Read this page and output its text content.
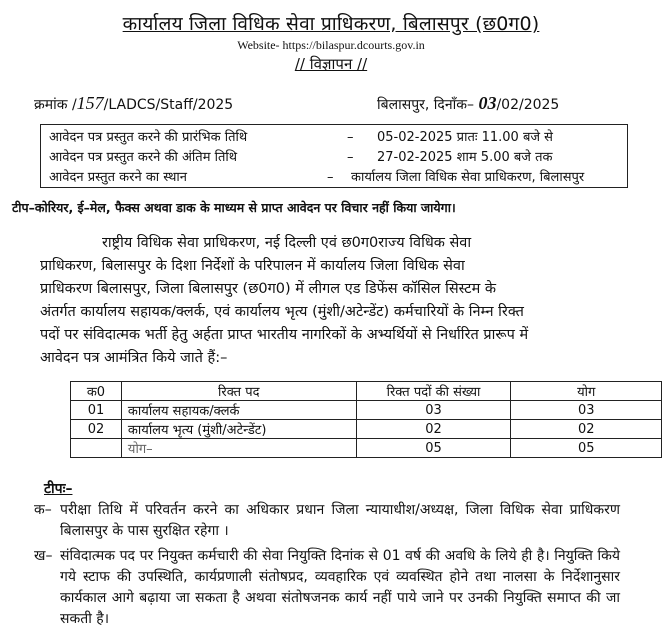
कार्यालय जिला विधिक सेवा प्राधिकरण, बिलासपुर (छ0ग0)
Website- https://bilaspur.dcourts.gov.in
// विज्ञापन //
क्रमांक /157/LADCS/Staff/2025	बिलासपुर, दिनाँक– 03/02/2025
आवेदन पत्र प्रस्तुत करने की प्रारंभिक तिथि	– 05-02-2025 प्रातः 11.00 बजे से
आवेदन पत्र प्रस्तुत करने की अंतिम तिथि	– 27-02-2025 शाम 5.00 बजे तक
आवेदन प्रस्तुत करने का स्थान	– कार्यालय जिला विधिक सेवा प्राधिकरण, बिलासपुर
टीप–कोरियर, ई–मेल, फैक्स अथवा डाक के माध्यम से प्राप्त आवेदन पर विचार नहीं किया जायेगा।

राष्ट्रीय विधिक सेवा प्राधिकरण, नई दिल्ली एवं छ0ग0राज्य विधिक सेवा

प्राधिकरण, बिलासपुर के दिशा निर्देशों के परिपालन में कार्यालय जिला विधिक सेवा

प्राधिकरण बिलासपुर, जिला बिलासपुर (छ0ग0) में लीगल एड डिफेंस कॉसिल सिस्टम के

अंतर्गत कार्यालय सहायक/क्लर्क, एवं कार्यालय भृत्य (मुंशी/अटेन्डेंट) कर्मचारियों के निम्न रिक्त

पदों पर संविदात्मक भर्ती हेतु अर्हता प्राप्त भारतीय नागरिकों के अभ्यर्थियों से निर्धारित प्रारूप में

आवेदन पत्र आमंत्रित किये जाते हैं:–

क0	रिक्त पद	रिक्त पदों की संख्या	योग
01	कार्यालय सहायक/क्लर्क	03	03
02	कार्यालय भृत्य (मुंशी/अटेन्डेंट)	02	02
	योग–	05	05
टीपः–
क– परीक्षा तिथि में परिवर्तन करने का अधिकार प्रधान जिला न्यायाधीश/अध्यक्ष, जिला विधिक सेवा प्राधिकरण बिलासपुर के पास सुरक्षित रहेगा ।
ख– संविदात्मक पद पर नियुक्त कर्मचारी की सेवा नियुक्ति दिनांक से 01 वर्ष की अवधि के लिये ही है। नियुक्ति किये गये स्टाफ की उपस्थिति, कार्यप्रणाली संतोषप्रद, व्यवहारिक एवं व्यवस्थित होने तथा नालसा के निर्देशानुसार कार्यकाल आगे बढ़ाया जा सकता है अथवा संतोषजनक कार्य नहीं पाये जाने पर उनकी नियुक्ति समाप्त की जा सकती है।
